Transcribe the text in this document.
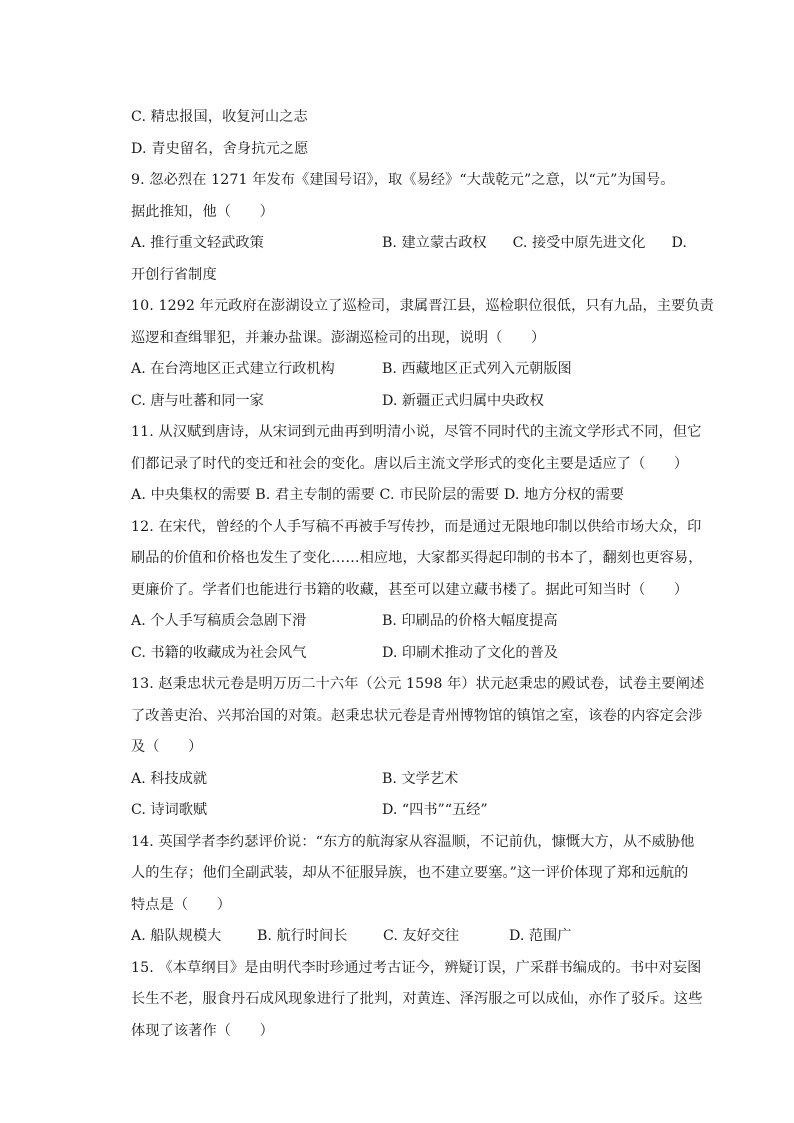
C. 精忠报国，收复河山之志
D. 青史留名，舍身抗元之愿
9. 忽必烈在 1271 年发布《建国号诏》，取《易经》“大哉乾元”之意，以“元”为国号。
据此推知，他（　　）
A. 推行重文轻武政策	B. 建立蒙古政权 C. 接受中原先进文化 D.
开创行省制度
10. 1292 年元政府在澎湖设立了巡检司，隶属晋江县，巡检职位很低，只有九品，主要负责
巡逻和查缉罪犯，并兼办盐课。澎湖巡检司的出现，说明（　　）
A. 在台湾地区正式建立行政机构	B. 西藏地区正式列入元朝版图
C. 唐与吐蕃和同一家	D. 新疆正式归属中央政权
11. 从汉赋到唐诗，从宋词到元曲再到明清小说，尽管不同时代的主流文学形式不同，但它
们都记录了时代的变迁和社会的变化。唐以后主流文学形式的变化主要是适应了（　　）
A. 中央集权的需要 B. 君主专制的需要 C. 市民阶层的需要 D. 地方分权的需要
12. 在宋代，曾经的个人手写稿不再被手写传抄，而是通过无限地印制以供给市场大众，印
刷品的价值和价格也发生了变化……相应地，大家都买得起印制的书本了，翻刻也更容易，
更廉价了。学者们也能进行书籍的收藏，甚至可以建立藏书楼了。据此可知当时（　　）
A. 个人手写稿质会急剧下滑	B. 印刷品的价格大幅度提高
C. 书籍的收藏成为社会风气	D. 印刷术推动了文化的普及
13. 赵秉忠状元卷是明万历二十六年（公元 1598 年）状元赵秉忠的殿试卷，试卷主要阐述
了改善吏治、兴邦治国的对策。赵秉忠状元卷是青州博物馆的镇馆之室，该卷的内容定会涉
及（　　）
A. 科技成就	B. 文学艺术
C. 诗词歌赋	D. “四书”“五经”
14. 英国学者李约瑟评价说：“东方的航海家从容温顺，不记前仇，慷慨大方，从不威胁他
人的生存；他们全副武装，却从不征服异族，也不建立要塞。”这一评价体现了郑和远航的
特点是（　　）
A. 船队规模大	B. 航行时间长	C. 友好交往	D. 范围广
15. 《本草纲目》是由明代李时珍通过考古证今，辨疑订误，广采群书编成的。书中对妄图
长生不老，服食丹石成风现象进行了批判，对黄连、泽泻服之可以成仙，亦作了驳斥。这些
体现了该著作（　　）
